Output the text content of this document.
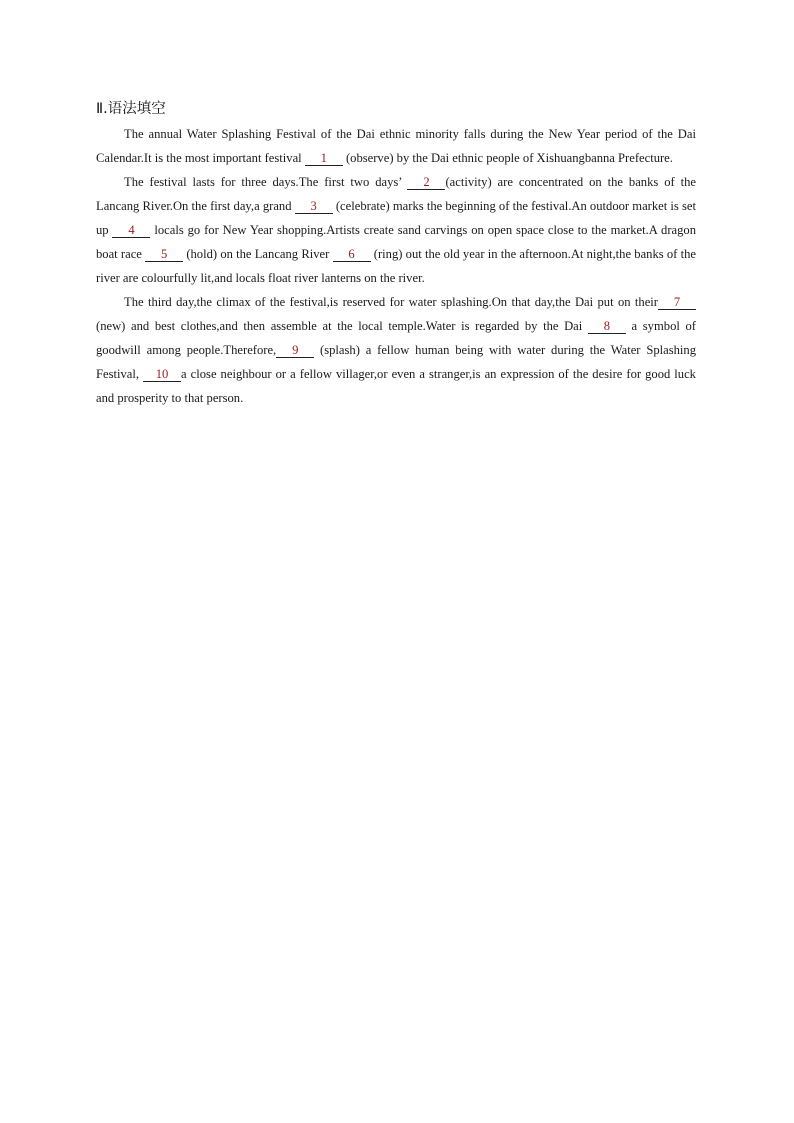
Ⅱ.语法填空

The annual Water Splashing Festival of the Dai ethnic minority falls during the New Year period of the Dai Calendar.It is the most important festival 1 (observe) by the Dai ethnic people of Xishuangbanna Prefecture.

The festival lasts for three days.The first two days’ 2 (activity) are concentrated on the banks of the Lancang River.On the first day,a grand 3 (celebrate) marks the beginning of the festival.An outdoor market is set up 4 locals go for New Year shopping.Artists create sand carvings on open space close to the market.A dragon boat race 5 (hold) on the Lancang River 6 (ring) out the old year in the afternoon.At night,the banks of the river are colourfully lit,and locals float river lanterns on the river.

The third day,the climax of the festival,is reserved for water splashing.On that day,the Dai put on their 7 (new) and best clothes,and then assemble at the local temple.Water is regarded by the Dai 8 a symbol of goodwill among people.Therefore, 9 (splash) a fellow human being with water during the Water Splashing Festival, 10 a close neighbour or a fellow villager,or even a stranger,is an expression of the desire for good luck and prosperity to that person.
